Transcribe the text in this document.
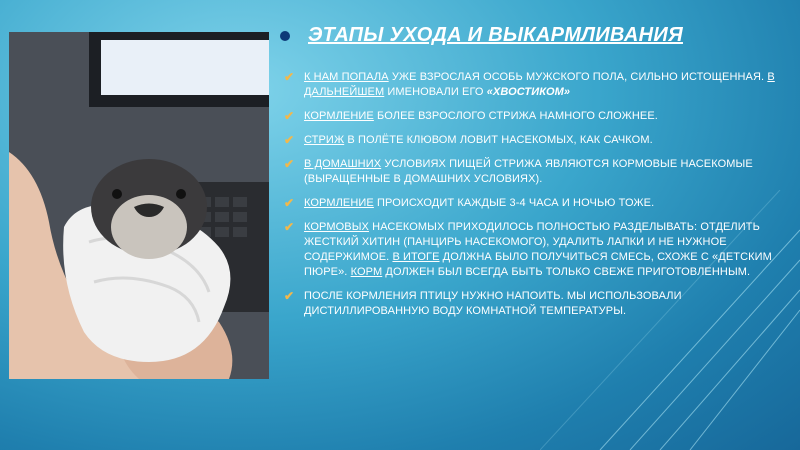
ЭТАПЫ УХОДА И ВЫКАРМЛИВАНИЯ
✔ К НАМ ПОПАЛА УЖЕ ВЗРОСЛАЯ ОСОБЬ МУЖСКОГО ПОЛА, СИЛЬНО ИСТОЩЕННАЯ. В ДАЛЬНЕЙШЕМ ИМЕНОВАЛИ ЕГО «ХВОСТИКОМ»
✔ КОРМЛЕНИЕ БОЛЕЕ ВЗРОСЛОГО СТРИЖА НАМНОГО СЛОЖНЕЕ.
✔ СТРИЖ В ПОЛЁТЕ КЛЮВОМ ЛОВИТ НАСЕКОМЫХ, КАК САЧКОМ.
✔ В ДОМАШНИХ УСЛОВИЯХ ПИЩЕЙ СТРИЖА ЯВЛЯЮТСЯ КОРМОВЫЕ НАСЕКОМЫЕ (ВЫРАЩЕННЫЕ В ДОМАШНИХ УСЛОВИЯХ).
✔ КОРМЛЕНИЕ ПРОИСХОДИТ КАЖДЫЕ 3-4 ЧАСА И НОЧЬЮ ТОЖЕ.
✔ КОРМОВЫХ НАСЕКОМЫХ ПРИХОДИЛОСЬ ПОЛНОСТЬЮ РАЗДЕЛЫВАТЬ: ОТДЕЛИТЬ ЖЕСТКИЙ ХИТИН (ПАНЦИРЬ НАСЕКОМОГО), УДАЛИТЬ ЛАПКИ И НЕ НУЖНОЕ СОДЕРЖИМОЕ. В ИТОГЕ ДОЛЖНА БЫЛО ПОЛУЧИТЬСЯ СМЕСЬ, СХОЖЕ С «ДЕТСКИМ ПЮРЕ». КОРМ ДОЛЖЕН БЫЛ ВСЕГДА БЫТЬ ТОЛЬКО СВЕЖЕ ПРИГОТОВЛЕННЫМ.
✔ ПОСЛЕ КОРМЛЕНИЯ ПТИЦУ НУЖНО НАПОИТЬ. МЫ ИСПОЛЬЗОВАЛИ ДИСТИЛЛИРОВАННУЮ ВОДУ КОМНАТНОЙ ТЕМПЕРАТУРЫ.
